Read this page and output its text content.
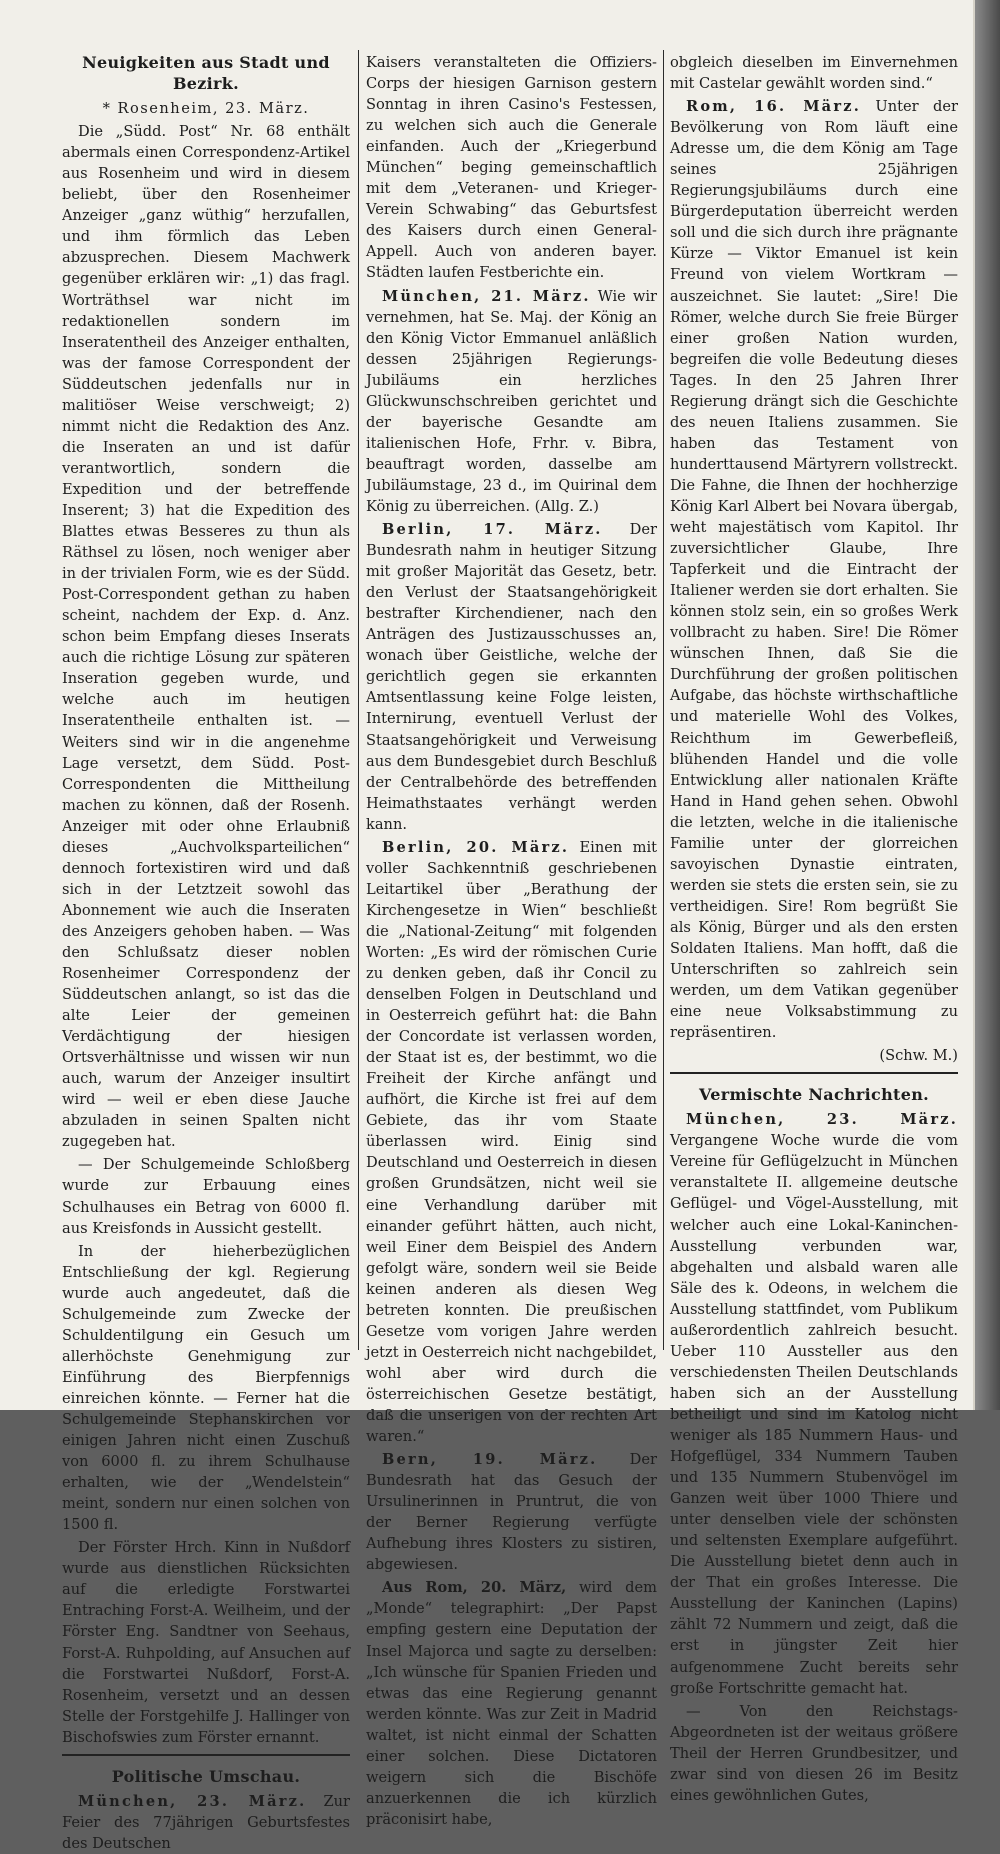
Neuigkeiten aus Stadt und Bezirk.

* Rosenheim, 23. März.

Die „Südd. Post“ Nr. 68 enthält abermals einen Correspondenz-Artikel aus Rosenheim und wird in diesem beliebt, über den Rosenheimer Anzeiger „ganz wüthig“ herzufallen, und ihm förmlich das Leben abzusprechen. Diesem Machwerk gegenüber erklären wir: „1) das fragl. Worträthsel war nicht im redaktionellen sondern im Inseratentheil des Anzeiger enthalten, was der famose Correspondent der Süddeutschen jedenfalls nur in malitiöser Weise verschweigt; 2) nimmt nicht die Redaktion des Anz. die Inseraten an und ist dafür verantwortlich, sondern die Expedition und der betreffende Inserent; 3) hat die Expedition des Blattes etwas Besseres zu thun als Räthsel zu lösen, noch weniger aber in der trivialen Form, wie es der Südd. Post-Correspondent gethan zu haben scheint, nachdem der Exp. d. Anz. schon beim Empfang dieses Inserats auch die richtige Lösung zur späteren Inseration gegeben wurde, und welche auch im heutigen Inseratentheile enthalten ist. — Weiters sind wir in die angenehme Lage versetzt, dem Südd. Post-Correspondenten die Mittheilung machen zu können, daß der Rosenh. Anzeiger mit oder ohne Erlaubniß dieses „Auchvolksparteilichen“ dennoch fortexistiren wird und daß sich in der Letztzeit sowohl das Abonnement wie auch die Inseraten des Anzeigers gehoben haben. — Was den Schlußsatz dieser noblen Rosenheimer Correspondenz der Süddeutschen anlangt, so ist das die alte Leier der gemeinen Verdächtigung der hiesigen Ortsverhältnisse und wissen wir nun auch, warum der Anzeiger insultirt wird — weil er eben diese Jauche abzuladen in seinen Spalten nicht zugegeben hat.

— Der Schulgemeinde Schloßberg wurde zur Erbauung eines Schulhauses ein Betrag von 6000 fl. aus Kreisfonds in Aussicht gestellt.

In der hieherbezüglichen Entschließung der kgl. Regierung wurde auch angedeutet, daß die Schulgemeinde zum Zwecke der Schuldentilgung ein Gesuch um allerhöchste Genehmigung zur Einführung des Bierpfennigs einreichen könnte. — Ferner hat die Schulgemeinde Stephanskirchen vor einigen Jahren nicht einen Zuschuß von 6000 fl. zu ihrem Schulhause erhalten, wie der „Wendelstein“ meint, sondern nur einen solchen von 1500 fl.

Der Förster Hrch. Kinn in Nußdorf wurde aus dienstlichen Rücksichten auf die erledigte Forstwartei Entraching Forst-A. Weilheim, und der Förster Eng. Sandtner von Seehaus, Forst-A. Ruhpolding, auf Ansuchen auf die Forstwartei Nußdorf, Forst-A. Rosenheim, versetzt und an dessen Stelle der Forstgehilfe J. Hallinger von Bischofswies zum Förster ernannt.

Politische Umschau.

München, 23. März. Zur Feier des 77jährigen Geburtsfestes des Deutschen

Kaisers veranstalteten die Offiziers-Corps der hiesigen Garnison gestern Sonntag in ihren Casino's Festessen, zu welchen sich auch die Generale einfanden. Auch der „Kriegerbund München“ beging gemeinschaftlich mit dem „Veteranen- und Krieger-Verein Schwabing“ das Geburtsfest des Kaisers durch einen General-Appell. Auch von anderen bayer. Städten laufen Festberichte ein.

München, 21. März. Wie wir vernehmen, hat Se. Maj. der König an den König Victor Emmanuel anläßlich dessen 25jährigen Regierungs-Jubiläums ein herzliches Glückwunschschreiben gerichtet und der bayerische Gesandte am italienischen Hofe, Frhr. v. Bibra, beauftragt worden, dasselbe am Jubiläumstage, 23 d., im Quirinal dem König zu überreichen. (Allg. Z.)

Berlin, 17. März. Der Bundesrath nahm in heutiger Sitzung mit großer Majorität das Gesetz, betr. den Verlust der Staatsangehörigkeit bestrafter Kirchendiener, nach den Anträgen des Justizausschusses an, wonach über Geistliche, welche der gerichtlich gegen sie erkannten Amtsentlassung keine Folge leisten, Internirung, eventuell Verlust der Staatsangehörigkeit und Verweisung aus dem Bundesgebiet durch Beschluß der Centralbehörde des betreffenden Heimathstaates verhängt werden kann.

Berlin, 20. März. Einen mit voller Sachkenntniß geschriebenen Leitartikel über „Berathung der Kirchengesetze in Wien“ beschließt die „National-Zeitung“ mit folgenden Worten: „Es wird der römischen Curie zu denken geben, daß ihr Concil zu denselben Folgen in Deutschland und in Oesterreich geführt hat: die Bahn der Concordate ist verlassen worden, der Staat ist es, der bestimmt, wo die Freiheit der Kirche anfängt und aufhört, die Kirche ist frei auf dem Gebiete, das ihr vom Staate überlassen wird. Einig sind Deutschland und Oesterreich in diesen großen Grundsätzen, nicht weil sie eine Verhandlung darüber mit einander geführt hätten, auch nicht, weil Einer dem Beispiel des Andern gefolgt wäre, sondern weil sie Beide keinen anderen als diesen Weg betreten konnten. Die preußischen Gesetze vom vorigen Jahre werden jetzt in Oesterreich nicht nachgebildet, wohl aber wird durch die österreichischen Gesetze bestätigt, daß die unserigen von der rechten Art waren.“

Bern, 19. März. Der Bundesrath hat das Gesuch der Ursulinerinnen in Pruntrut, die von der Berner Regierung verfügte Aufhebung ihres Klosters zu sistiren, abgewiesen.

Aus Rom, 20. März, wird dem „Monde“ telegraphirt: „Der Papst empfing gestern eine Deputation der Insel Majorca und sagte zu derselben: „Ich wünsche für Spanien Frieden und etwas das eine Regierung genannt werden könnte. Was zur Zeit in Madrid waltet, ist nicht einmal der Schatten einer solchen. Diese Dictatoren weigern sich die Bischöfe anzuerkennen die ich kürzlich präconisirt habe,

obgleich dieselben im Einvernehmen mit Castelar gewählt worden sind.“

Rom, 16. März. Unter der Bevölkerung von Rom läuft eine Adresse um, die dem König am Tage seines 25jährigen Regierungsjubiläums durch eine Bürgerdeputation überreicht werden soll und die sich durch ihre prägnante Kürze — Viktor Emanuel ist kein Freund von vielem Wortkram — auszeichnet. Sie lautet: „Sire! Die Römer, welche durch Sie freie Bürger einer großen Nation wurden, begreifen die volle Bedeutung dieses Tages. In den 25 Jahren Ihrer Regierung drängt sich die Geschichte des neuen Italiens zusammen. Sie haben das Testament von hunderttausend Märtyrern vollstreckt. Die Fahne, die Ihnen der hochherzige König Karl Albert bei Novara übergab, weht majestätisch vom Kapitol. Ihr zuversichtlicher Glaube, Ihre Tapferkeit und die Eintracht der Italiener werden sie dort erhalten. Sie können stolz sein, ein so großes Werk vollbracht zu haben. Sire! Die Römer wünschen Ihnen, daß Sie die Durchführung der großen politischen Aufgabe, das höchste wirthschaftliche und materielle Wohl des Volkes, Reichthum im Gewerbefleiß, blühenden Handel und die volle Entwicklung aller nationalen Kräfte Hand in Hand gehen sehen. Obwohl die letzten, welche in die italienische Familie unter der glorreichen savoyischen Dynastie eintraten, werden sie stets die ersten sein, sie zu vertheidigen. Sire! Rom begrüßt Sie als König, Bürger und als den ersten Soldaten Italiens. Man hofft, daß die Unterschriften so zahlreich sein werden, um dem Vatikan gegenüber eine neue Volksabstimmung zu repräsentiren.

(Schw. M.)

Vermischte Nachrichten.

München, 23. März. Vergangene Woche wurde die vom Vereine für Geflügelzucht in München veranstaltete II. allgemeine deutsche Geflügel- und Vögel-Ausstellung, mit welcher auch eine Lokal-Kaninchen-Ausstellung verbunden war, abgehalten und alsbald waren alle Säle des k. Odeons, in welchem die Ausstellung stattfindet, vom Publikum außerordentlich zahlreich besucht. Ueber 110 Aussteller aus den verschiedensten Theilen Deutschlands haben sich an der Ausstellung betheiligt und sind im Katolog nicht weniger als 185 Nummern Haus- und Hofgeflügel, 334 Nummern Tauben und 135 Nummern Stubenvögel im Ganzen weit über 1000 Thiere und unter denselben viele der schönsten und seltensten Exemplare aufgeführt. Die Ausstellung bietet denn auch in der That ein großes Interesse. Die Ausstellung der Kaninchen (Lapins) zählt 72 Nummern und zeigt, daß die erst in jüngster Zeit hier aufgenommene Zucht bereits sehr große Fortschritte gemacht hat.

— Von den Reichstags-Abgeordneten ist der weitaus größere Theil der Herren Grundbesitzer, und zwar sind von diesen 26 im Besitz eines gewöhnlichen Gutes,
